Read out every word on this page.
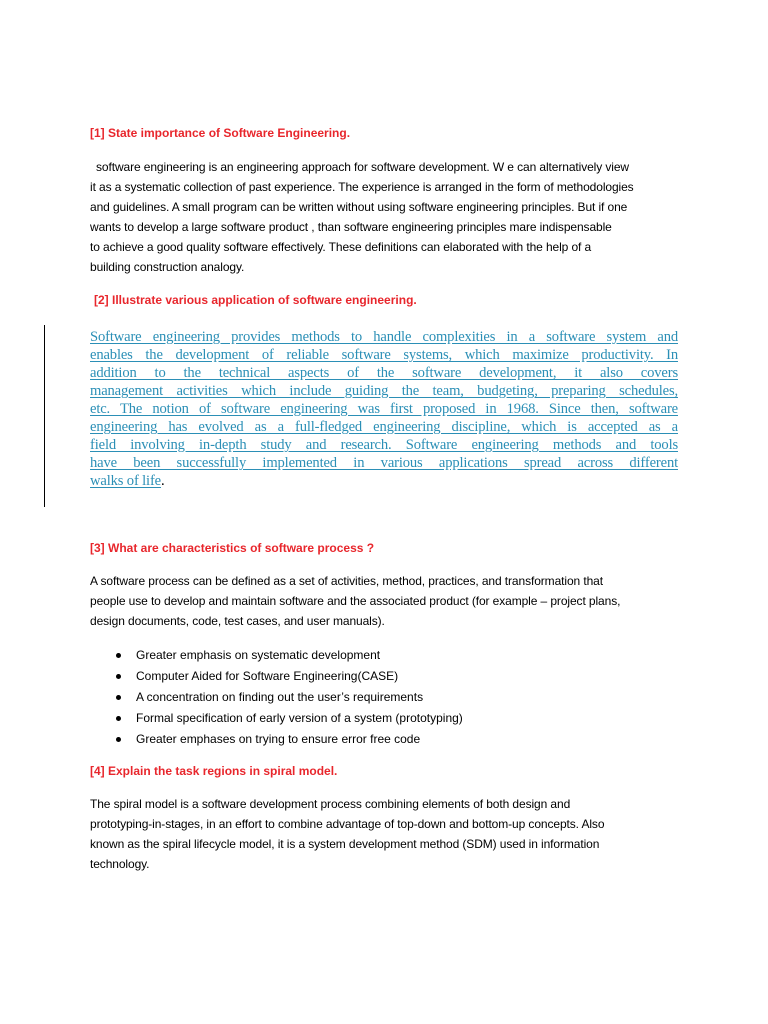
[1] State importance of Software Engineering.
software engineering is an engineering approach for software development. W e can alternatively view
it as a systematic collection of past experience. The experience is arranged in the form of methodologies
and guidelines. A small program can be written without using software engineering principles. But if one
wants to develop a large software product , than software engineering principles mare indispensable
to achieve a good quality software effectively. These definitions can elaborated with the help of a
building construction analogy.
[2] Illustrate various application of software engineering.
Software engineering provides methods to handle complexities in a software system and
enables the development of reliable software systems, which maximize productivity. In
addition to the technical aspects of the software development, it also covers
management activities which include guiding the team, budgeting, preparing schedules,
etc. The notion of software engineering was first proposed in 1968. Since then, software
engineering has evolved as a full-fledged engineering discipline, which is accepted as a
field involving in-depth study and research. Software engineering methods and tools
have been successfully implemented in various applications spread across different
walks of life.
[3] What are characteristics of software process ?
A software process can be defined as a set of activities, method, practices, and transformation that
people use to develop and maintain software and the associated product (for example – project plans,
design documents, code, test cases, and user manuals).
Greater emphasis on systematic development
Computer Aided for Software Engineering(CASE)
A concentration on finding out the user’s requirements
Formal specification of early version of a system (prototyping)
Greater emphases on trying to ensure error free code
[4] Explain the task regions in spiral model.
The spiral model is a software development process combining elements of both design and
prototyping-in-stages, in an effort to combine advantage of top-down and bottom-up concepts. Also
known as the spiral lifecycle model, it is a system development method (SDM) used in information
technology.
